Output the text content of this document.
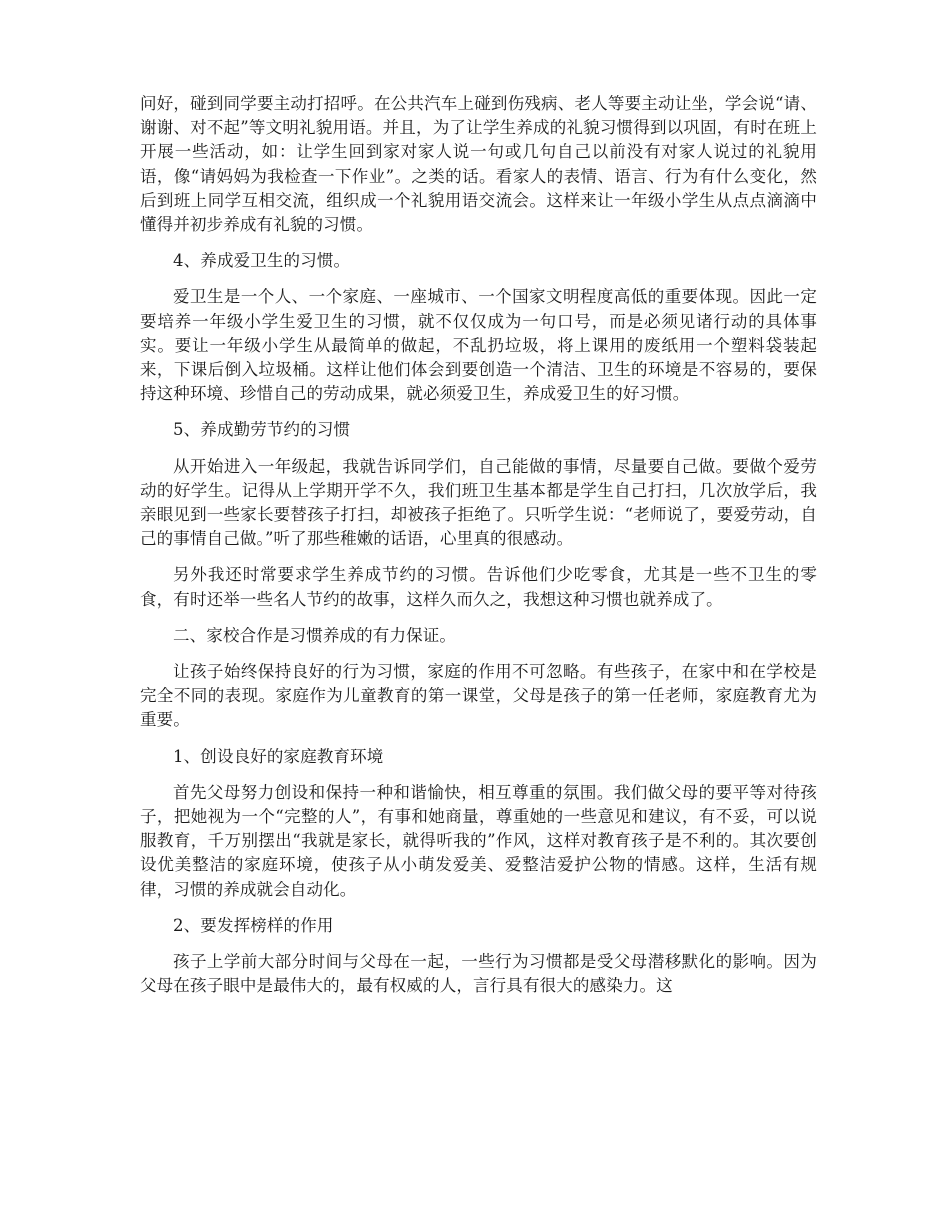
问好，碰到同学要主动打招呼。在公共汽车上碰到伤残病、老人等要主动让坐，学会说“请、谢谢、对不起”等文明礼貌用语。并且，为了让学生养成的礼貌习惯得到以巩固，有时在班上开展一些活动，如：让学生回到家对家人说一句或几句自己以前没有对家人说过的礼貌用语，像“请妈妈为我检查一下作业”。之类的话。看家人的表情、语言、行为有什么变化，然后到班上同学互相交流，组织成一个礼貌用语交流会。这样来让一年级小学生从点点滴滴中懂得并初步养成有礼貌的习惯。

4、养成爱卫生的习惯。

爱卫生是一个人、一个家庭、一座城市、一个国家文明程度高低的重要体现。因此一定要培养一年级小学生爱卫生的习惯，就不仅仅成为一句口号，而是必须见诸行动的具体事实。要让一年级小学生从最简单的做起，不乱扔垃圾，将上课用的废纸用一个塑料袋装起来，下课后倒入垃圾桶。这样让他们体会到要创造一个清洁、卫生的环境是不容易的，要保持这种环境、珍惜自己的劳动成果，就必须爱卫生，养成爱卫生的好习惯。

5、养成勤劳节约的习惯

从开始进入一年级起，我就告诉同学们，自己能做的事情，尽量要自己做。要做个爱劳动的好学生。记得从上学期开学不久，我们班卫生基本都是学生自己打扫，几次放学后，我亲眼见到一些家长要替孩子打扫，却被孩子拒绝了。只听学生说：“老师说了，要爱劳动，自己的事情自己做。”听了那些稚嫩的话语，心里真的很感动。

另外我还时常要求学生养成节约的习惯。告诉他们少吃零食，尤其是一些不卫生的零食，有时还举一些名人节约的故事，这样久而久之，我想这种习惯也就养成了。

二、家校合作是习惯养成的有力保证。

让孩子始终保持良好的行为习惯，家庭的作用不可忽略。有些孩子，在家中和在学校是完全不同的表现。家庭作为儿童教育的第一课堂，父母是孩子的第一任老师，家庭教育尤为重要。

1、创设良好的家庭教育环境

首先父母努力创设和保持一种和谐愉快，相互尊重的氛围。我们做父母的要平等对待孩子，把她视为一个“完整的人”，有事和她商量，尊重她的一些意见和建议，有不妥，可以说服教育，千万别摆出“我就是家长，就得听我的”作风，这样对教育孩子是不利的。其次要创设优美整洁的家庭环境，使孩子从小萌发爱美、爱整洁爱护公物的情感。这样，生活有规律，习惯的养成就会自动化。

2、要发挥榜样的作用

孩子上学前大部分时间与父母在一起，一些行为习惯都是受父母潜移默化的影响。因为父母在孩子眼中是最伟大的，最有权威的人，言行具有很大的感染力。这
